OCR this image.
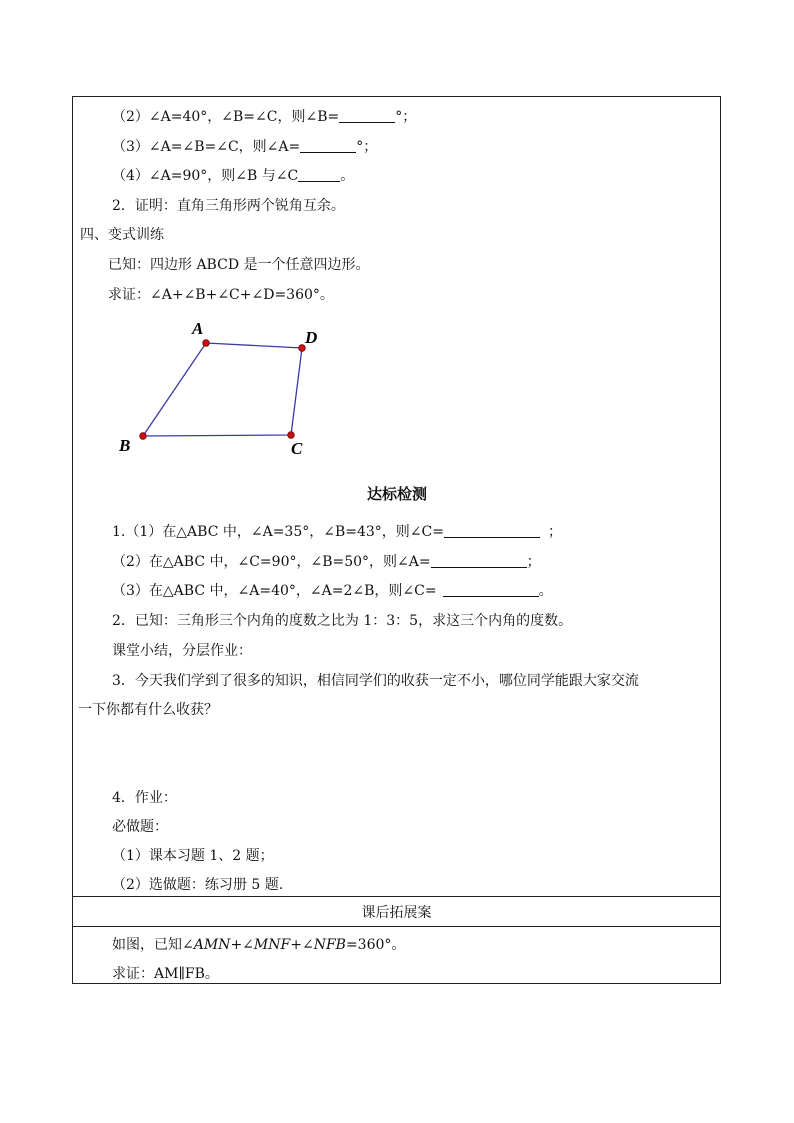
（2）∠A=40°，∠B=∠C，则∠B=	°；
（3）∠A=∠B=∠C，则∠A=	°；
（4）∠A=90°，则∠B 与∠C	。
2．证明：直角三角形两个锐角互余。
四、变式训练
已知：四边形 ABCD 是一个任意四边形。
求证：∠A+∠B+∠C+∠D=360°。
A	D
C
B
达标检测
1.（1）在△ABC 中，∠A=35°，∠B=43°，则∠C=	；
（2）在△ABC 中，∠C=90°，∠B=50°，则∠A=	；
（3）在△ABC 中，∠A=40°，∠A=2∠B，则∠C=	。
2．已知：三角形三个内角的度数之比为 1：3：5，求这三个内角的度数。
课堂小结，分层作业：
3．今天我们学到了很多的知识，相信同学们的收获一定不小，哪位同学能跟大家交流
一下你都有什么收获？
4．作业：
必做题：
（1）课本习题 1、2 题；
（2）选做题：练习册 5 题.
课后拓展案
如图，已知∠AMN+∠MNF+∠NFB=360°。
求证：AM∥FB。
